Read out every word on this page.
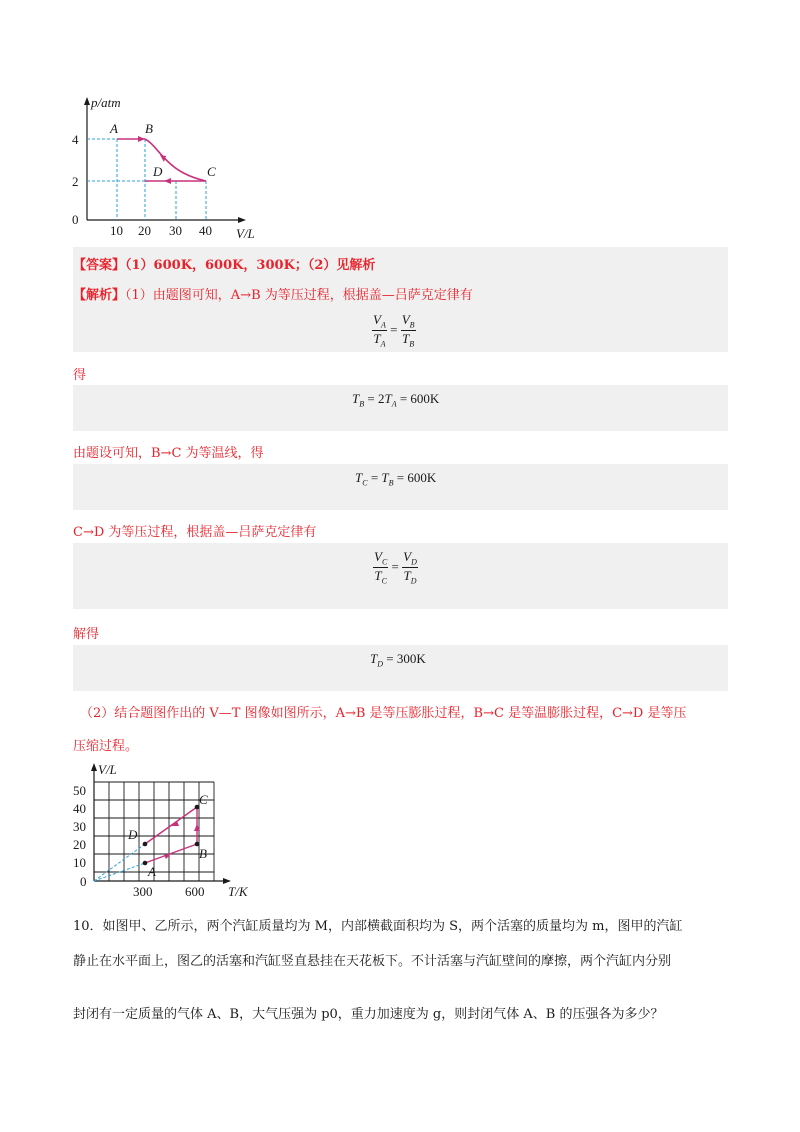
p/atm
V/L
4
2
0
10 20 30 40
A B
C
D
【答案】（1）600K，600K，300K；（2）见解析
【解析】（1）由题图可知，A→B 为等压过程，根据盖—吕萨克定律有
$\frac{V_A}{T_A} = \frac{V_B}{T_B}$
得
$T_B = 2T_A = 600K$
由题设可知，B→C 为等温线，得
$T_C = T_B = 600K$
C→D 为等压过程，根据盖—吕萨克定律有
$\frac{V_C}{T_C} = \frac{V_D}{T_D}$
解得
$T_D = 300K$
（2）结合题图作出的 V—T 图像如图所示，A→B 是等压膨胀过程，B→C 是等温膨胀过程，C→D 是等压
压缩过程。
V/L
T/K
50
40
30
20
10
0
300	600
A
B
C
D
10．如图甲、乙所示，两个汽缸质量均为 M，内部横截面积均为 S，两个活塞的质量均为 m，图甲的汽缸
静止在水平面上，图乙的活塞和汽缸竖直悬挂在天花板下。不计活塞与汽缸壁间的摩擦，两个汽缸内分别
封闭有一定质量的气体 A、B，大气压强为 p0，重力加速度为 g，则封闭气体 A、B 的压强各为多少？
